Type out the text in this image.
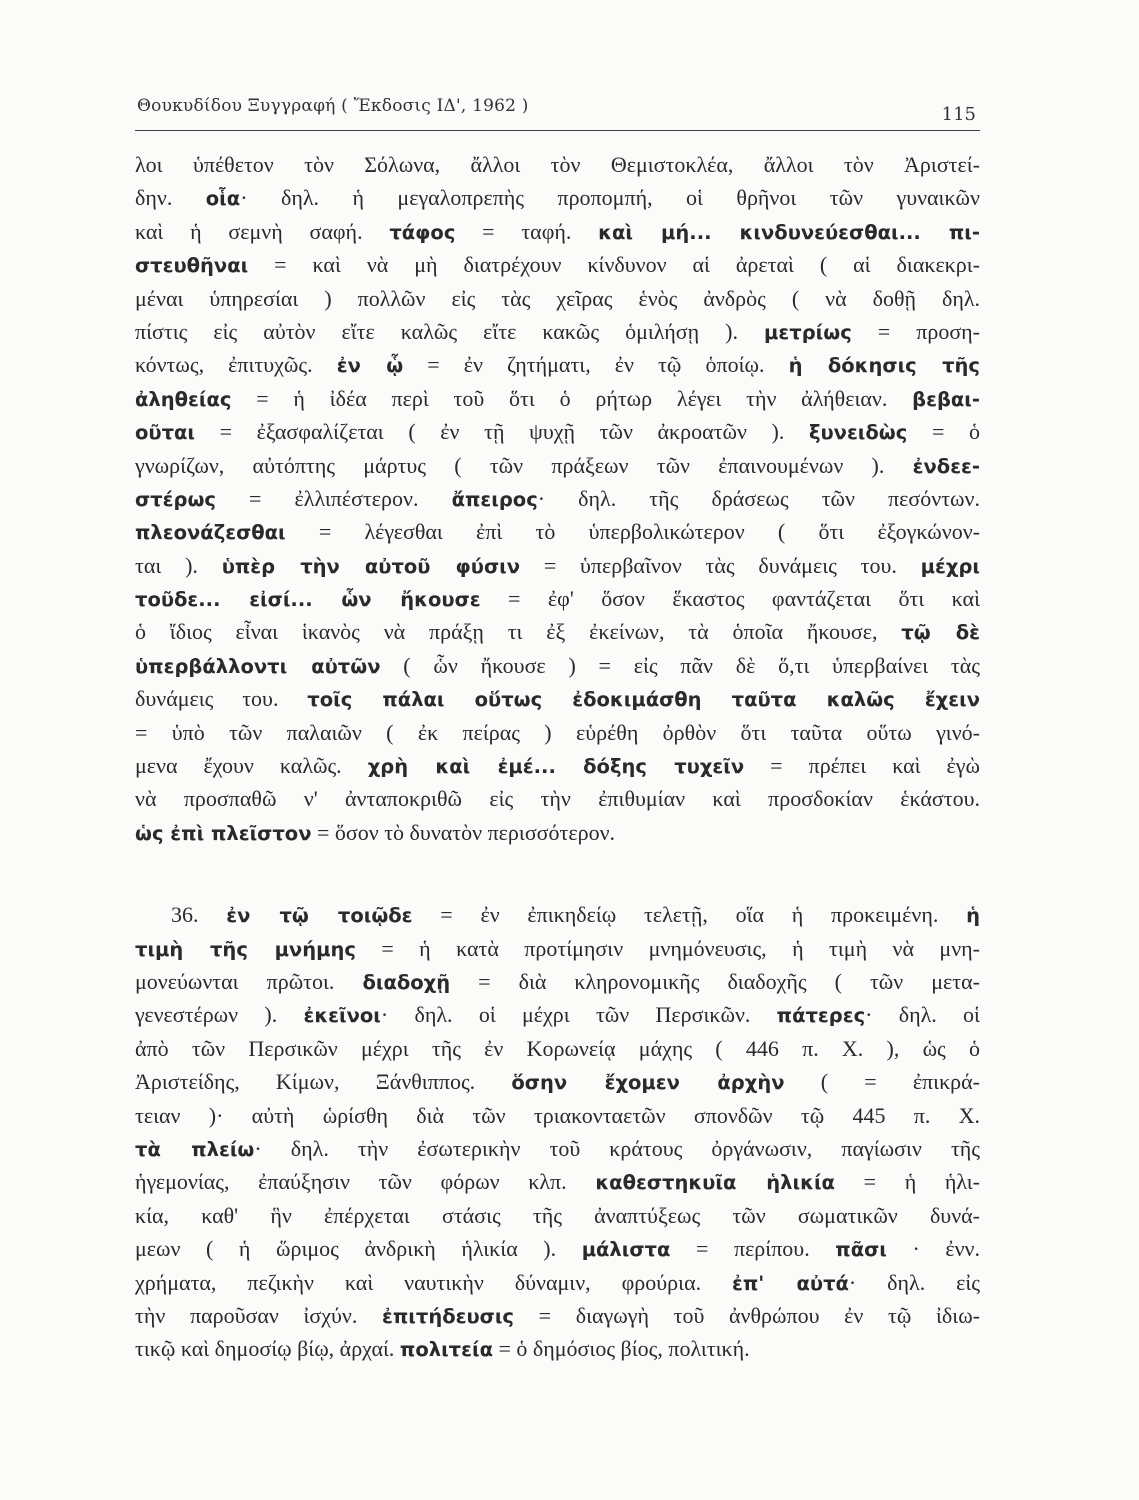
Θουκυδίδου Ξυγγραφή ( Ἔκδοσις ΙΔ', 1962 )	115
λοι ὑπέθετον τὸν Σόλωνα, ἄλλοι τὸν Θεμιστοκλέα, ἄλλοι τὸν Ἀριστεί-
δην. οἷα· δηλ. ἡ μεγαλοπρεπὴς προπομπή, οἱ θρῆνοι τῶν γυναικῶν
καὶ ἡ σεμνὴ σαφή. τάφος = ταφή. καὶ μή... κινδυνεύεσθαι... πι-
στευθῆναι = καὶ νὰ μὴ διατρέχουν κίνδυνον αἱ ἀρεταὶ ( αἱ διακεκρι-
μέναι ὑπηρεσίαι ) πολλῶν εἰς τὰς χεῖρας ἑνὸς ἀνδρὸς ( νὰ δοθῇ δηλ.
πίστις εἰς αὐτὸν εἴτε καλῶς εἴτε κακῶς ὁμιλήσῃ ). μετρίως = προση-
κόντως, ἐπιτυχῶς. ἐν ᾧ = ἐν ζητήματι, ἐν τῷ ὁποίῳ. ἡ δόκησις τῆς
ἀληθείας = ἡ ἰδέα περὶ τοῦ ὅτι ὁ ρήτωρ λέγει τὴν ἀλήθειαν. βεβαι-
οῦται = ἐξασφαλίζεται ( ἐν τῇ ψυχῇ τῶν ἀκροατῶν ). ξυνειδὼς = ὁ
γνωρίζων, αὐτόπτης μάρτυς ( τῶν πράξεων τῶν ἐπαινουμένων ). ἐνδεε-
στέρως = ἐλλιπέστερον. ἄπειρος· δηλ. τῆς δράσεως τῶν πεσόντων.
πλεονάζεσθαι = λέγεσθαι ἐπὶ τὸ ὑπερβολικώτερον ( ὅτι ἐξογκώνον-
ται ). ὑπὲρ τὴν αὐτοῦ φύσιν = ὑπερβαῖνον τὰς δυνάμεις του. μέχρι
τοῦδε... εἰσί... ὧν ἤκουσε = ἐφ' ὅσον ἕκαστος φαντάζεται ὅτι καὶ
ὁ ἴδιος εἶναι ἱκανὸς νὰ πράξῃ τι ἐξ ἐκείνων, τὰ ὁποῖα ἤκουσε, τῷ δὲ
ὑπερβάλλοντι αὐτῶν ( ὧν ἤκουσε ) = εἰς πᾶν δὲ ὅ,τι ὑπερβαίνει τὰς
δυνάμεις του. τοῖς πάλαι οὕτως ἐδοκιμάσθη ταῦτα καλῶς ἔχειν
= ὑπὸ τῶν παλαιῶν ( ἐκ πείρας ) εὑρέθη ὀρθὸν ὅτι ταῦτα οὕτω γινό-
μενα ἔχουν καλῶς. χρὴ καὶ ἐμέ... δόξης τυχεῖν = πρέπει καὶ ἐγὼ
νὰ προσπαθῶ ν' ἀνταποκριθῶ εἰς τὴν ἐπιθυμίαν καὶ προσδοκίαν ἑκάστου.
ὡς ἐπὶ πλεῖστον = ὅσον τὸ δυνατὸν περισσότερον.
36. ἐν τῷ τοιῷδε = ἐν ἐπικηδείῳ τελετῇ, οἵα ἡ προκειμένη. ἡ
τιμὴ τῆς μνήμης = ἡ κατὰ προτίμησιν μνημόνευσις, ἡ τιμὴ νὰ μνη-
μονεύωνται πρῶτοι. διαδοχῇ = διὰ κληρονομικῆς διαδοχῆς ( τῶν μετα-
γενεστέρων ). ἐκεῖνοι· δηλ. οἱ μέχρι τῶν Περσικῶν. πάτερες· δηλ. οἱ
ἀπὸ τῶν Περσικῶν μέχρι τῆς ἐν Κορωνείᾳ μάχης ( 446 π. Χ. ), ὡς ὁ
Ἀριστείδης, Κίμων, Ξάνθιππος. ὅσην ἔχομεν ἀρχὴν ( = ἐπικρά-
τειαν )· αὐτὴ ὡρίσθη διὰ τῶν τριακονταετῶν σπονδῶν τῷ 445 π. Χ.
τὰ πλείω· δηλ. τὴν ἐσωτερικὴν τοῦ κράτους ὀργάνωσιν, παγίωσιν τῆς
ἡγεμονίας, ἐπαύξησιν τῶν φόρων κλπ. καθεστηκυῖα ἡλικία = ἡ ἡλι-
κία, καθ' ἣν ἐπέρχεται στάσις τῆς ἀναπτύξεως τῶν σωματικῶν δυνά-
μεων ( ἡ ὥριμος ἀνδρικὴ ἡλικία ). μάλιστα = περίπου. πᾶσι · ἐνν.
χρήματα, πεζικὴν καὶ ναυτικὴν δύναμιν, φρούρια. ἐπ' αὐτά· δηλ. εἰς
τὴν παροῦσαν ἰσχύν. ἐπιτήδευσις = διαγωγὴ τοῦ ἀνθρώπου ἐν τῷ ἰδιω-
τικῷ καὶ δημοσίῳ βίῳ, ἀρχαί. πολιτεία = ὁ δημόσιος βίος, πολιτική.
